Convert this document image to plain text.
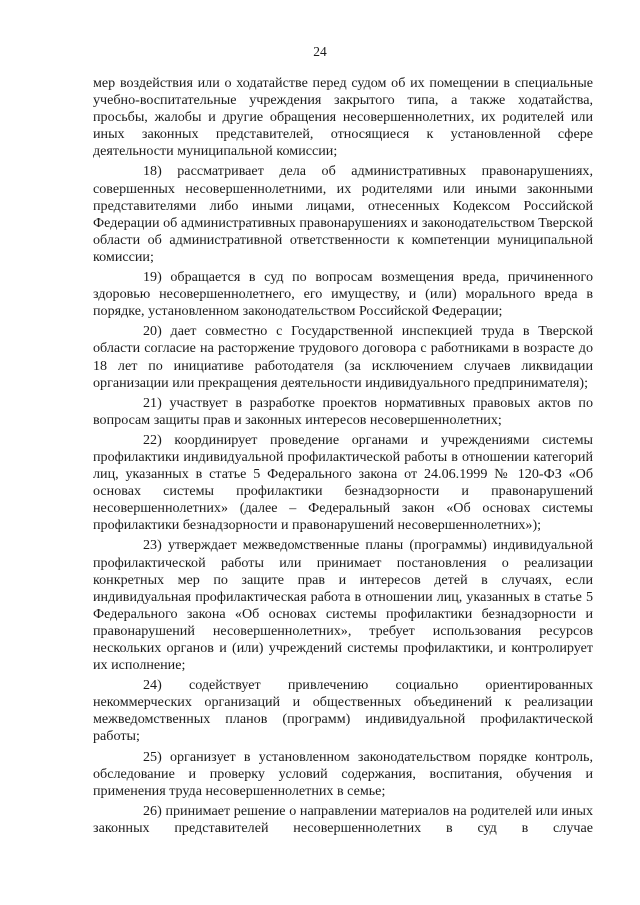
24

мер воздействия или о ходатайстве перед судом об их помещении в специальные учебно-воспитательные учреждения закрытого типа, а также ходатайства, просьбы, жалобы и другие обращения несовершеннолетних, их родителей или иных законных представителей, относящиеся к установленной сфере деятельности муниципальной комиссии;

18) рассматривает дела об административных правонарушениях, совершенных несовершеннолетними, их родителями или иными законными представителями либо иными лицами, отнесенных Кодексом Российской Федерации об административных правонарушениях и законодательством Тверской области об административной ответственности к компетенции муниципальной комиссии;

19) обращается в суд по вопросам возмещения вреда, причиненного здоровью несовершеннолетнего, его имуществу, и (или) морального вреда в порядке, установленном законодательством Российской Федерации;

20) дает совместно с Государственной инспекцией труда в Тверской области согласие на расторжение трудового договора с работниками в возрасте до 18 лет по инициативе работодателя (за исключением случаев ликвидации организации или прекращения деятельности индивидуального предпринимателя);

21) участвует в разработке проектов нормативных правовых актов по вопросам защиты прав и законных интересов несовершеннолетних;

22) координирует проведение органами и учреждениями системы профилактики индивидуальной профилактической работы в отношении категорий лиц, указанных в статье 5 Федерального закона от 24.06.1999 № 120-ФЗ «Об основах системы профилактики безнадзорности и правонарушений несовершеннолетних» (далее – Федеральный закон «Об основах системы профилактики безнадзорности и правонарушений несовершеннолетних»);

23) утверждает межведомственные планы (программы) индивидуальной профилактической работы или принимает постановления о реализации конкретных мер по защите прав и интересов детей в случаях, если индивидуальная профилактическая работа в отношении лиц, указанных в статье 5 Федерального закона «Об основах системы профилактики безнадзорности и правонарушений несовершеннолетних», требует использования ресурсов нескольких органов и (или) учреждений системы профилактики, и контролирует их исполнение;

24) содействует привлечению социально ориентированных некоммерческих организаций и общественных объединений к реализации межведомственных планов (программ) индивидуальной профилактической работы;

25) организует в установленном законодательством порядке контроль, обследование и проверку условий содержания, воспитания, обучения и применения труда несовершеннолетних в семье;

26) принимает решение о направлении материалов на родителей или иных законных представителей несовершеннолетних в суд в случае
